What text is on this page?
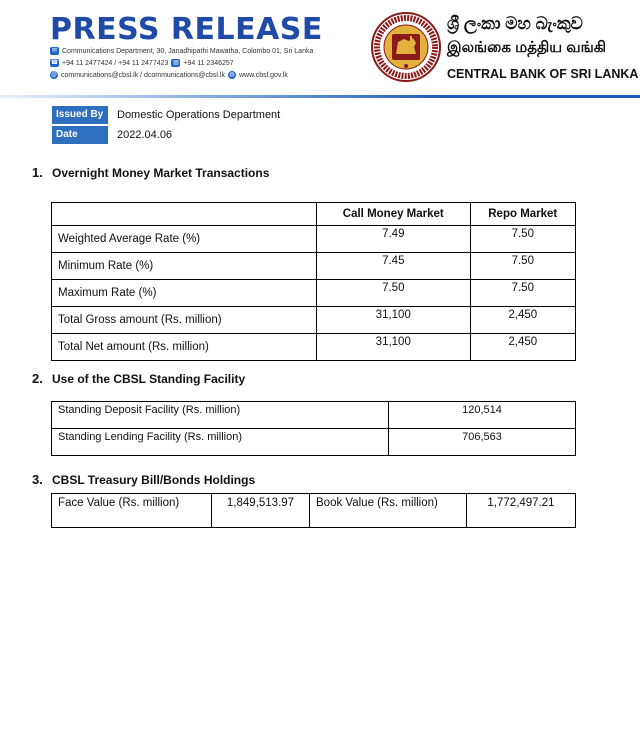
PRESS RELEASE
✉ Communications Department, 30, Janadhipathi Mawatha, Colombo 01, Sri Lanka
☎ +94 11 2477424 / +94 11 2477423 ▤ +94 11 2346257
@ communications@cbsl.lk / dcommunications@cbsl.lk ◍ www.cbsl.gov.lk
ශ්‍රී ලංකා මහ බැංකුව
இலங்கை மத்திய வங்கி
CENTRAL BANK OF SRI LANKA
Issued By	Domestic Operations Department
Date	2022.04.06
1. Overnight Money Market Transactions
	Call Money Market	Repo Market
Weighted Average Rate (%)	7.49	7.50
Minimum Rate (%)	7.45	7.50
Maximum Rate (%)	7.50	7.50
Total Gross amount (Rs. million)	31,100	2,450
Total Net amount (Rs. million)	31,100	2,450
2. Use of the CBSL Standing Facility
Standing Deposit Facility (Rs. million)	120,514
Standing Lending Facility (Rs. million)	706,563
3. CBSL Treasury Bill/Bonds Holdings
Face Value (Rs. million)	1,849,513.97	Book Value (Rs. million)	1,772,497.21
